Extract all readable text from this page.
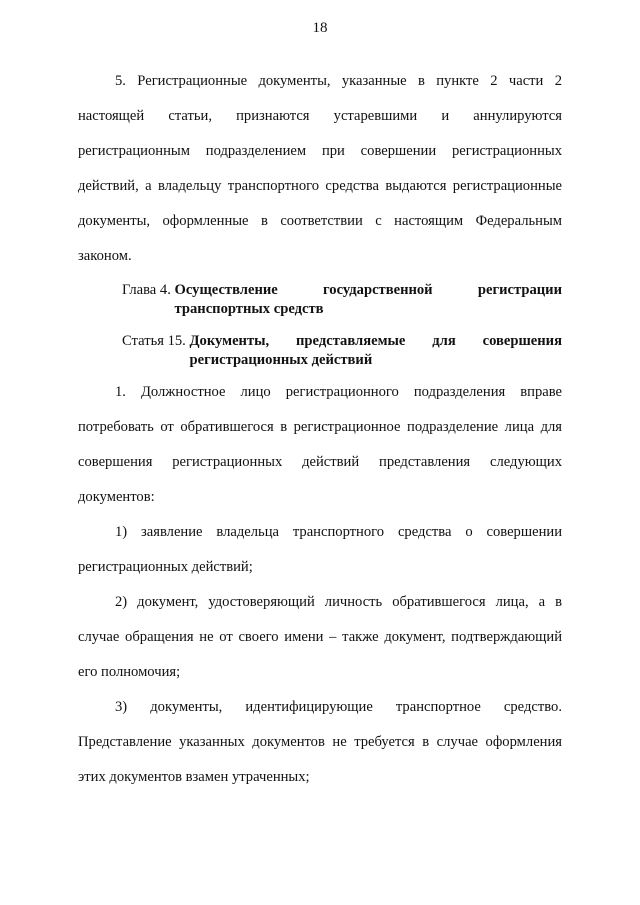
18

5. Регистрационные документы, указанные в пункте 2 части 2 настоящей статьи, признаются устаревшими и аннулируются регистрационным подразделением при совершении регистрационных действий, а владельцу транспортного средства выдаются регистрационные документы, оформленные в соответствии с настоящим Федеральным законом.

Глава 4. Осуществление государственной регистрации транспортных средств
Статья 15. Документы, представляемые для совершения регистрационных действий

1. Должностное лицо регистрационного подразделения вправе потребовать от обратившегося в регистрационное подразделение лица для совершения регистрационных действий представления следующих документов:

1) заявление владельца транспортного средства о совершении регистрационных действий;

2) документ, удостоверяющий личность обратившегося лица, а в случае обращения не от своего имени – также документ, подтверждающий его полномочия;

3) документы, идентифицирующие транспортное средство. Представление указанных документов не требуется в случае оформления этих документов взамен утраченных;
